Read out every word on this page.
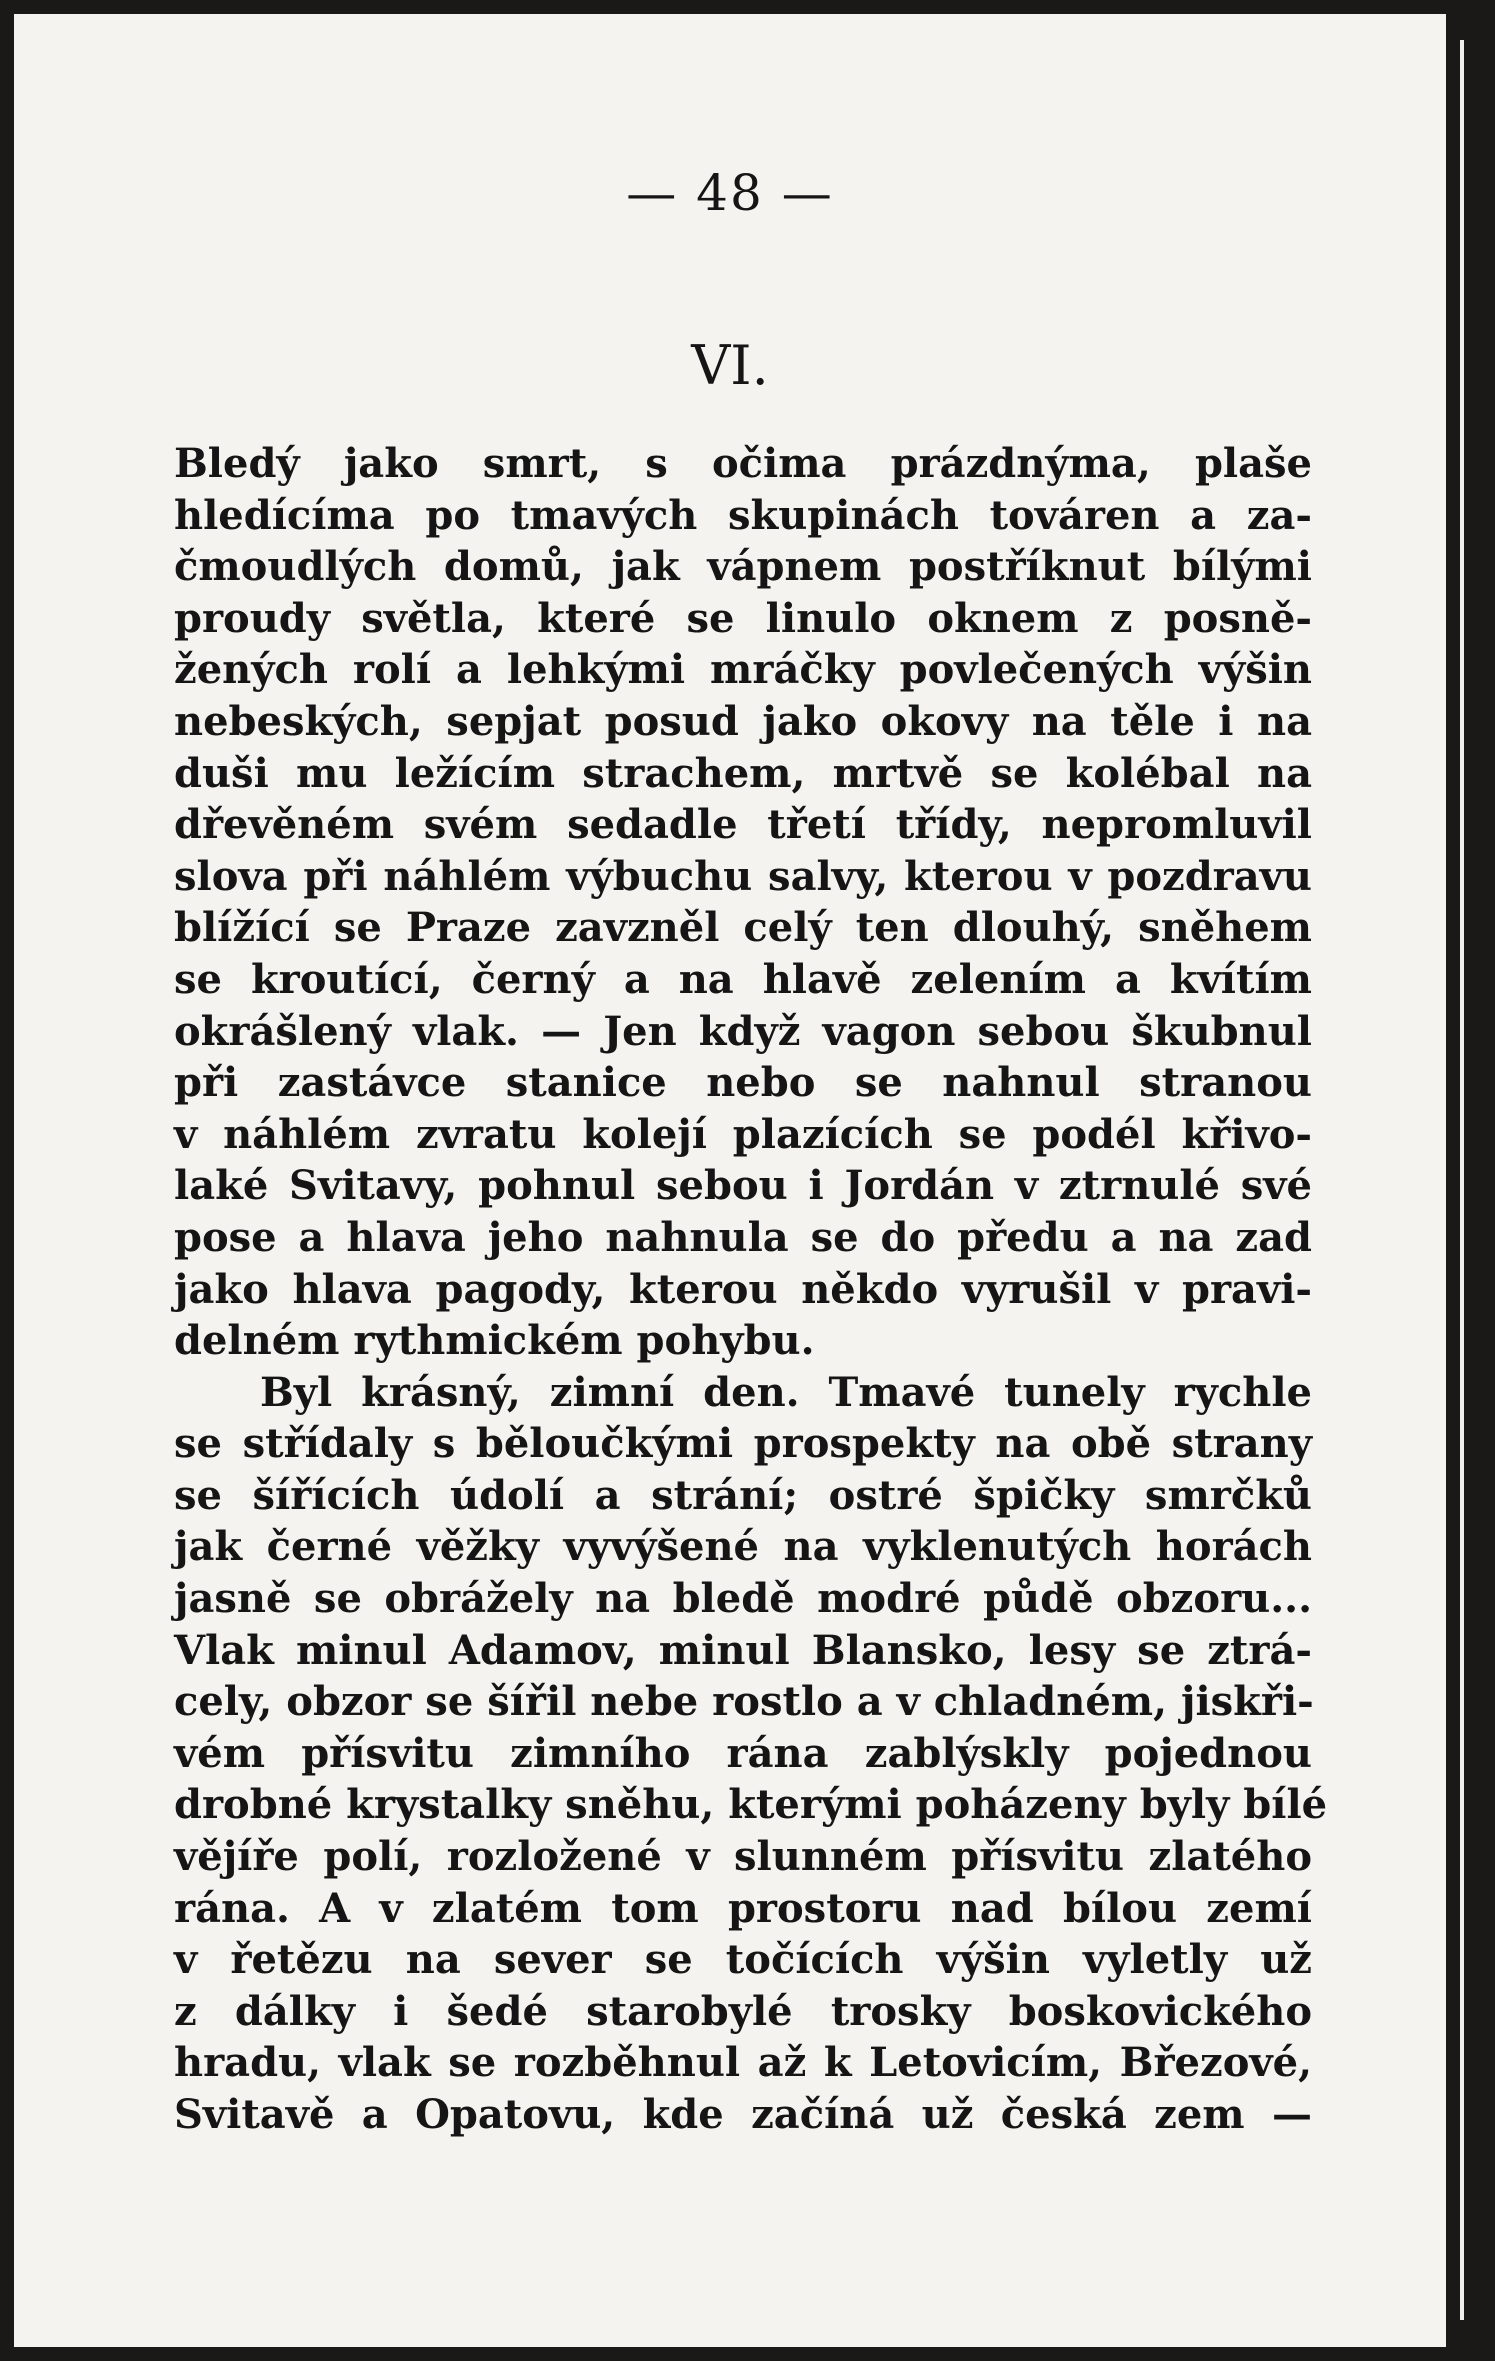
— 48 —
VI.
Bledý jako smrt, s očima prázdnýma, plaše
hledícíma po tmavých skupinách továren a za-
čmoudlých domů, jak vápnem postříknut bílými
proudy světla, které se linulo oknem z posně-
žených rolí a lehkými mráčky povlečených výšin
nebeských, sepjat posud jako okovy na těle i na
duši mu ležícím strachem, mrtvě se kolébal na
dřevěném svém sedadle třetí třídy, nepromluvil
slova při náhlém výbuchu salvy, kterou v pozdravu
blížící se Praze zavzněl celý ten dlouhý, sněhem
se kroutící, černý a na hlavě zelením a kvítím
okrášlený vlak. — Jen když vagon sebou škubnul
při zastávce stanice nebo se nahnul stranou
v náhlém zvratu kolejí plazících se podél křivo-
laké Svitavy, pohnul sebou i Jordán v ztrnulé své
pose a hlava jeho nahnula se do předu a na zad
jako hlava pagody, kterou někdo vyrušil v pravi-
delném rythmickém pohybu.
Byl krásný, zimní den. Tmavé tunely rychle
se střídaly s běloučkými prospekty na obě strany
se šířících údolí a strání; ostré špičky smrčků
jak černé věžky vyvýšené na vyklenutých horách
jasně se obrážely na bledě modré půdě obzoru...
Vlak minul Adamov, minul Blansko, lesy se ztrá-
cely, obzor se šířil nebe rostlo a v chladném, jiskři-
vém přísvitu zimního rána zablýskly pojednou
drobné krystalky sněhu, kterými poházeny byly bílé
vějíře polí, rozložené v slunném přísvitu zlatého
rána. A v zlatém tom prostoru nad bílou zemí
v řetězu na sever se točících výšin vyletly už
z dálky i šedé starobylé trosky boskovického
hradu, vlak se rozběhnul až k Letovicím, Březové,
Svitavě a Opatovu, kde začíná už česká zem —
